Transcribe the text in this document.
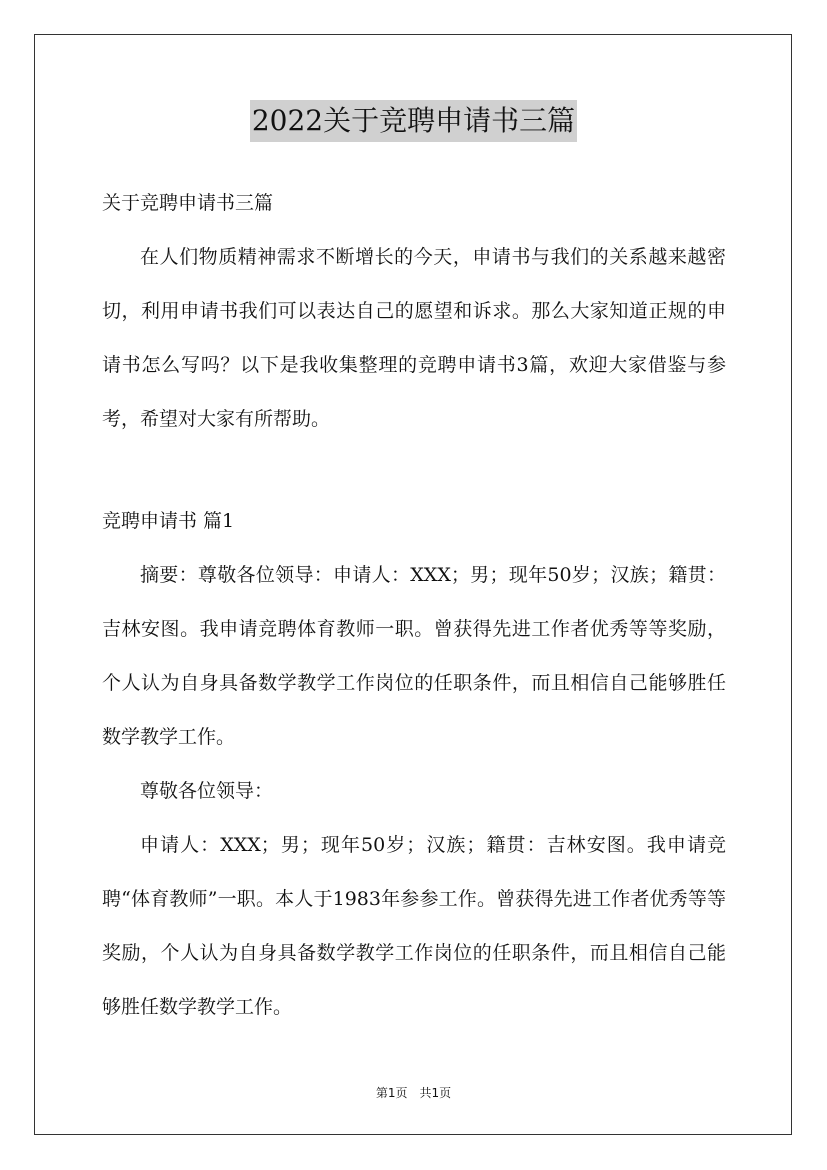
2022关于竞聘申请书三篇

关于竞聘申请书三篇

在人们物质精神需求不断增长的今天，申请书与我们的关系越来越密切，利用申请书我们可以表达自己的愿望和诉求。那么大家知道正规的申请书怎么写吗？以下是我收集整理的竞聘申请书3篇，欢迎大家借鉴与参考，希望对大家有所帮助。

竞聘申请书 篇1

摘要：尊敬各位领导：申请人：XXX；男；现年50岁；汉族；籍贯：吉林安图。我申请竞聘体育教师一职。曾获得先进工作者优秀等等奖励，个人认为自身具备数学教学工作岗位的任职条件，而且相信自己能够胜任数学教学工作。

尊敬各位领导：

申请人：XXX；男；现年50岁；汉族；籍贯：吉林安图。我申请竞聘“体育教师”一职。本人于1983年参参工作。曾获得先进工作者优秀等等奖励，个人认为自身具备数学教学工作岗位的任职条件，而且相信自己能够胜任数学教学工作。

第1页　共1页
